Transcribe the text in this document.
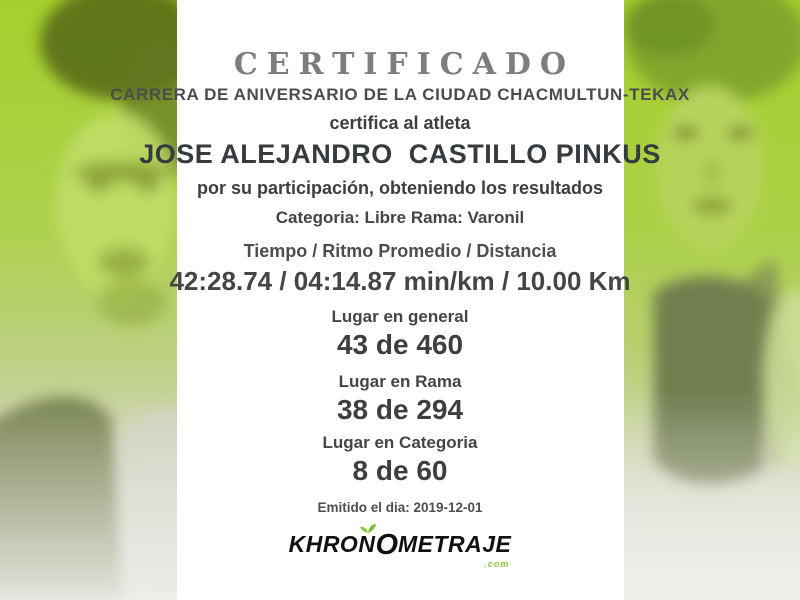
CERTIFICADO
CARRERA DE ANIVERSARIO DE LA CIUDAD CHACMULTUN-TEKAX
certifica al atleta
JOSE ALEJANDRO  CASTILLO PINKUS
por su participación, obteniendo los resultados
Categoria: Libre Rama: Varonil
Tiempo / Ritmo Promedio / Distancia
42:28.74 / 04:14.87 min/km / 10.00 Km
Lugar en general
43 de 460
Lugar en Rama
38 de 294
Lugar en Categoria
8 de 60
Emitido el dia: 2019-12-01
KHRONOMETRAJE
.com
